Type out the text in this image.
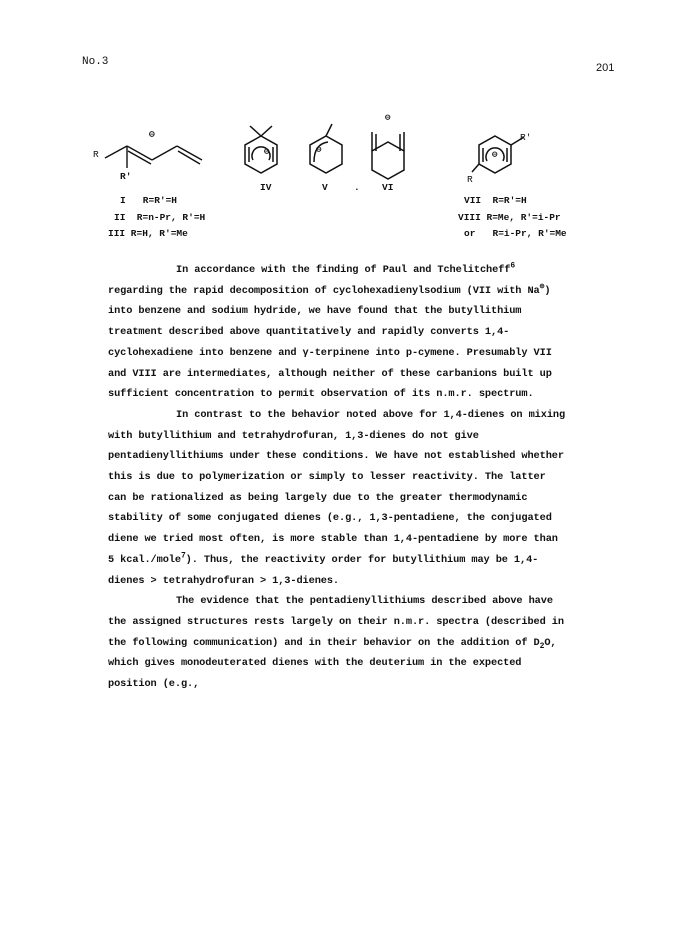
No.3	201
R
⊖
R'
I   R=R'=H
II  R=n-Pr, R'=H
III R=H, R'=Me
⊖	⊖
⊖
IV	V	. VI
R'
⊖
R
VII  R=R'=H
VIII R=Me, R'=i-Pr
or   R=i-Pr, R'=Me

In accordance with the finding of Paul and Tchelitcheff$^6$ regarding the rapid decomposition of cyclohexadienylsodium (VII with Na⊕) into benzene and sodium hydride, we have found that the butyllithium treatment described above quantitatively and rapidly converts 1,4-cyclohexadiene into benzene and γ-terpinene into p-cymene. Presumably VII and VIII are intermediates, although neither of these carbanions built up sufficient concentration to permit observation of its n.m.r. spectrum.

In contrast to the behavior noted above for 1,4-dienes on mixing with butyllithium and tetrahydrofuran, 1,3-dienes do not give pentadienyllithiums under these conditions. We have not established whether this is due to polymerization or simply to lesser reactivity. The latter can be rationalized as being largely due to the greater thermodynamic stability of some conjugated dienes (e.g., 1,3-pentadiene, the conjugated diene we tried most often, is more stable than 1,4-pentadiene by more than 5 kcal./mole$^7$). Thus, the reactivity order for butyllithium may be 1,4-dienes > tetrahydrofuran > 1,3-dienes.

The evidence that the pentadienyllithiums described above have the assigned structures rests largely on their n.m.r. spectra (described in the following communication) and in their behavior on the addition of $D_2O$, which gives monodeuterated dienes with the deuterium in the expected position (e.g.,
